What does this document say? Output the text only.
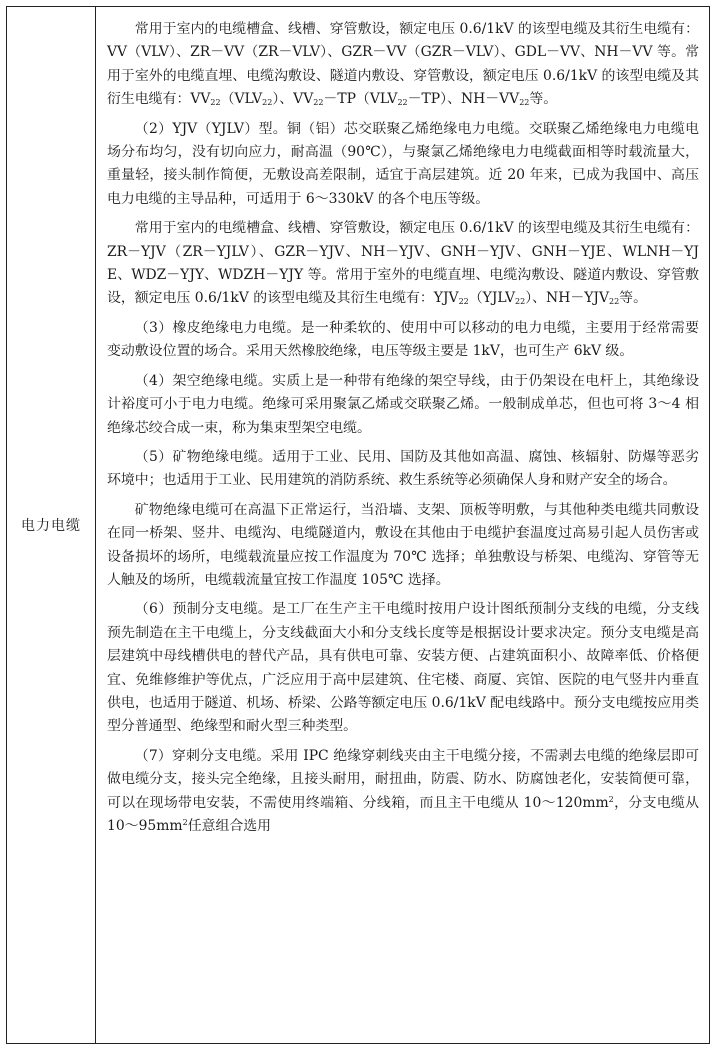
电力电缆

常用于室内的电缆槽盒、线槽、穿管敷设，额定电压 0.6/1kV 的该型电缆及其衍生电缆有：VV（VLV）、ZR－VV（ZR－VLV）、GZR－VV（GZR－VLV）、GDL－VV、NH－VV 等。常用于室外的电缆直埋、电缆沟敷设、隧道内敷设、穿管敷设，额定电压 0.6/1kV 的该型电缆及其衍生电缆有：$VV_{22}(VLV_{22})$、$VV_{22}-TP(VLV_{22}-TP)$、$NH-VV_{22}$等。

（2）YJV（YJLV）型。铜（铝）芯交联聚乙烯绝缘电力电缆。交联聚乙烯绝缘电力电缆电场分布均匀，没有切向应力，耐高温（90℃），与聚氯乙烯绝缘电力电缆截面相等时载流量大，重量轻，接头制作简便，无敷设高差限制，适宜于高层建筑。近 20 年来，已成为我国中、高压电力电缆的主导品种，可适用于 6～330kV 的各个电压等级。

常用于室内的电缆槽盒、线槽、穿管敷设，额定电压 0.6/1kV 的该型电缆及其衍生电缆有：ZR－YJV（ZR－YJLV）、GZR－YJV、NH－YJV、GNH－YJV、GNH－YJE、WLNH－YJE、WDZ－YJY、WDZH－YJY 等。常用于室外的电缆直埋、电缆沟敷设、隧道内敷设、穿管敷设，额定电压 0.6/1kV 的该型电缆及其衍生电缆有：$YJV_{22}(YJLV_{22})$、$NH-YJV_{22}$等。

（3）橡皮绝缘电力电缆。是一种柔软的、使用中可以移动的电力电缆，主要用于经常需要变动敷设位置的场合。采用天然橡胶绝缘，电压等级主要是 1kV，也可生产 6kV 级。

（4）架空绝缘电缆。实质上是一种带有绝缘的架空导线，由于仍架设在电杆上，其绝缘设计裕度可小于电力电缆。绝缘可采用聚氯乙烯或交联聚乙烯。一般制成单芯，但也可将 3～4 相绝缘芯绞合成一束，称为集束型架空电缆。

（5）矿物绝缘电缆。适用于工业、民用、国防及其他如高温、腐蚀、核辐射、防爆等恶劣环境中；也适用于工业、民用建筑的消防系统、救生系统等必须确保人身和财产安全的场合。

矿物绝缘电缆可在高温下正常运行，当沿墙、支架、顶板等明敷，与其他种类电缆共同敷设在同一桥架、竖井、电缆沟、电缆隧道内，敷设在其他由于电缆护套温度过高易引起人员伤害或设备损坏的场所，电缆载流量应按工作温度为 70℃ 选择；单独敷设与桥架、电缆沟、穿管等无人触及的场所，电缆载流量宜按工作温度 105℃ 选择。

（6）预制分支电缆。是工厂在生产主干电缆时按用户设计图纸预制分支线的电缆，分支线预先制造在主干电缆上，分支线截面大小和分支线长度等是根据设计要求决定。预分支电缆是高层建筑中母线槽供电的替代产品，具有供电可靠、安装方便、占建筑面积小、故障率低、价格便宜、免维修维护等优点，广泛应用于高中层建筑、住宅楼、商厦、宾馆、医院的电气竖井内垂直供电，也适用于隧道、机场、桥梁、公路等额定电压 0.6/1kV 配电线路中。预分支电缆按应用类型分普通型、绝缘型和耐火型三种类型。

（7）穿刺分支电缆。采用 IPC 绝缘穿刺线夹由主干电缆分接，不需剥去电缆的绝缘层即可做电缆分支，接头完全绝缘，且接头耐用，耐扭曲，防震、防水、防腐蚀老化，安装简便可靠，可以在现场带电安装，不需使用终端箱、分线箱，而且主干电缆从 $10\sim 120mm^2$，分支电缆从 $10\sim 95mm^2$任意组合选用
